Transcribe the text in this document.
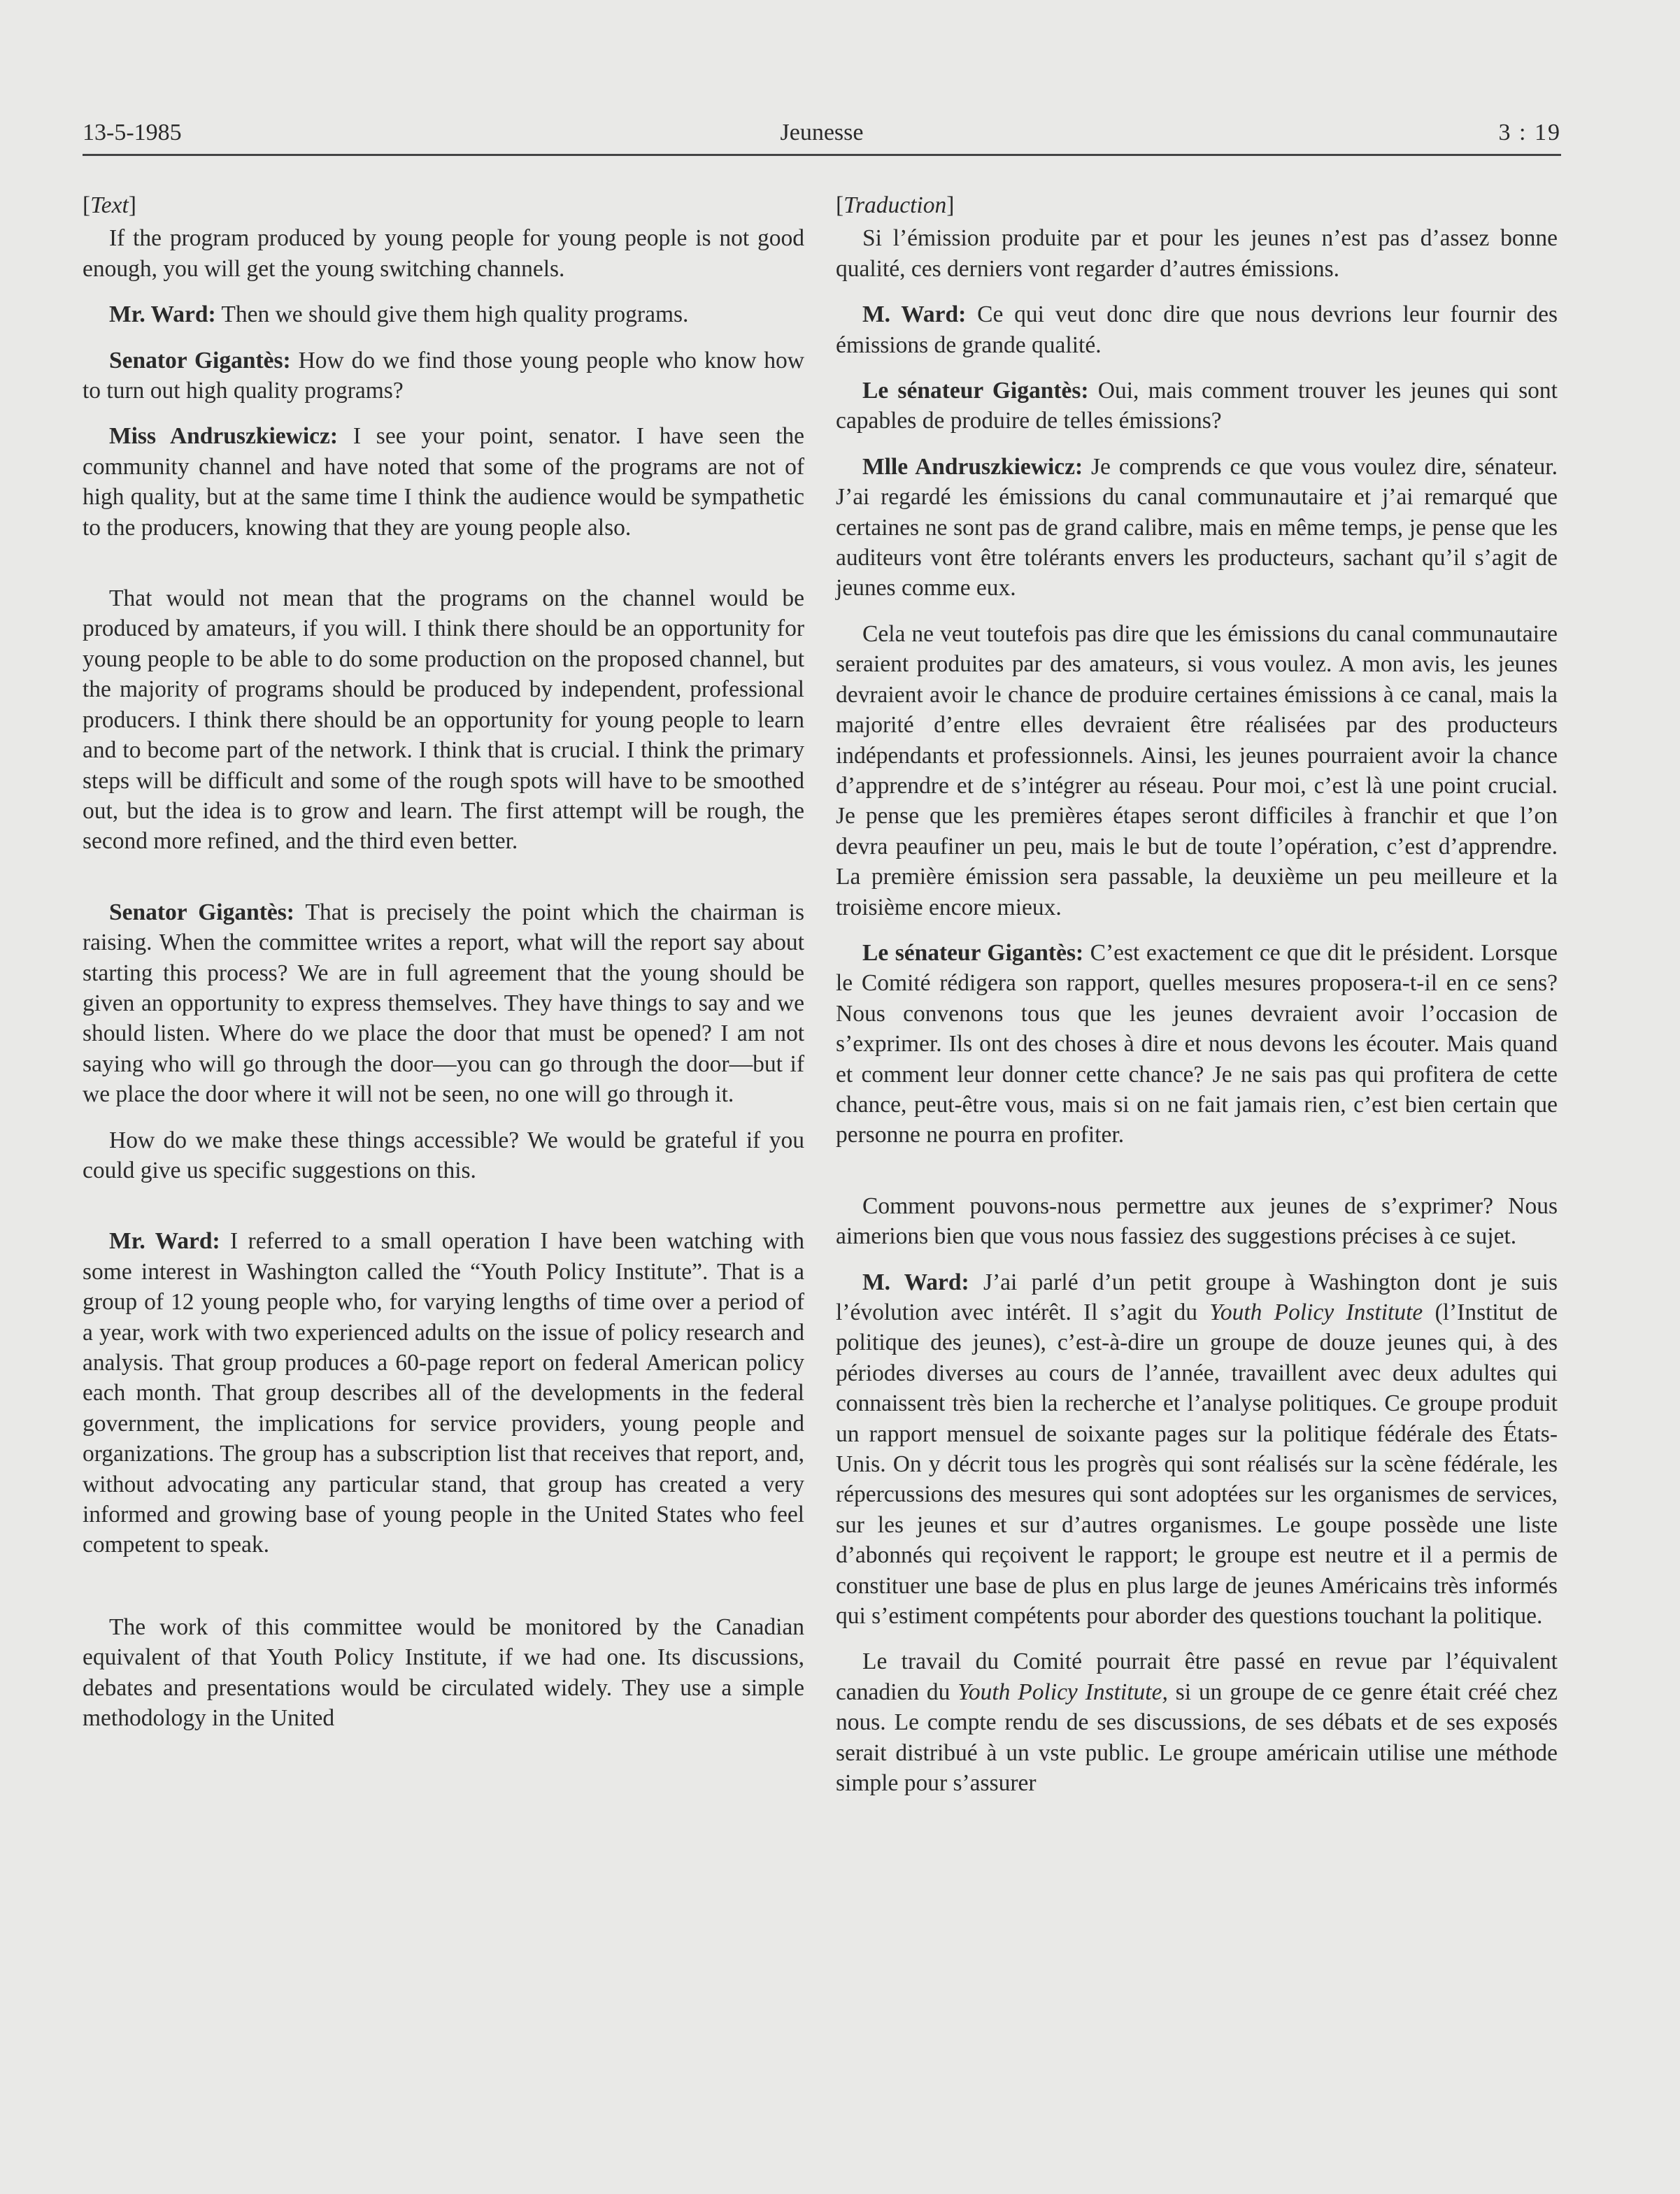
13-5-1985	Jeunesse	3 : 19
[Text]

If the program produced by young people for young people is not good enough, you will get the young switching channels.

Mr. Ward: Then we should give them high quality programs.

Senator Gigantès: How do we find those young people who know how to turn out high quality programs?

Miss Andruszkiewicz: I see your point, senator. I have seen the community channel and have noted that some of the programs are not of high quality, but at the same time I think the audience would be sympathetic to the producers, knowing that they are young people also.

That would not mean that the programs on the channel would be produced by amateurs, if you will. I think there should be an opportunity for young people to be able to do some production on the proposed channel, but the majority of programs should be produced by independent, professional producers. I think there should be an opportunity for young people to learn and to become part of the network. I think that is crucial. I think the primary steps will be difficult and some of the rough spots will have to be smoothed out, but the idea is to grow and learn. The first attempt will be rough, the second more refined, and the third even better.

Senator Gigantès: That is precisely the point which the chairman is raising. When the committee writes a report, what will the report say about starting this process? We are in full agreement that the young should be given an opportunity to express themselves. They have things to say and we should listen. Where do we place the door that must be opened? I am not saying who will go through the door—you can go through the door—but if we place the door where it will not be seen, no one will go through it.

How do we make these things accessible? We would be grateful if you could give us specific suggestions on this.

Mr. Ward: I referred to a small operation I have been watching with some interest in Washington called the “Youth Policy Institute”. That is a group of 12 young people who, for varying lengths of time over a period of a year, work with two experienced adults on the issue of policy research and analysis. That group produces a 60-page report on federal American policy each month. That group describes all of the developments in the federal government, the implications for service providers, young people and organizations. The group has a subscription list that receives that report, and, without advocating any particular stand, that group has created a very informed and growing base of young people in the United States who feel competent to speak.

The work of this committee would be monitored by the Canadian equivalent of that Youth Policy Institute, if we had one. Its discussions, debates and presentations would be circulated widely. They use a simple methodology in the United

[Traduction]

Si l’émission produite par et pour les jeunes n’est pas d’assez bonne qualité, ces derniers vont regarder d’autres émissions.

M. Ward: Ce qui veut donc dire que nous devrions leur fournir des émissions de grande qualité.

Le sénateur Gigantès: Oui, mais comment trouver les jeunes qui sont capables de produire de telles émissions?

Mlle Andruszkiewicz: Je comprends ce que vous voulez dire, sénateur. J’ai regardé les émissions du canal communautaire et j’ai remarqué que certaines ne sont pas de grand calibre, mais en même temps, je pense que les auditeurs vont être tolérants envers les producteurs, sachant qu’il s’agit de jeunes comme eux.

Cela ne veut toutefois pas dire que les émissions du canal communautaire seraient produites par des amateurs, si vous voulez. A mon avis, les jeunes devraient avoir le chance de produire certaines émissions à ce canal, mais la majorité d’entre elles devraient être réalisées par des producteurs indépendants et professionnels. Ainsi, les jeunes pourraient avoir la chance d’apprendre et de s’intégrer au réseau. Pour moi, c’est là une point crucial. Je pense que les premières étapes seront difficiles à franchir et que l’on devra peaufiner un peu, mais le but de toute l’opération, c’est d’apprendre. La première émission sera passable, la deuxième un peu meilleure et la troisième encore mieux.

Le sénateur Gigantès: C’est exactement ce que dit le président. Lorsque le Comité rédigera son rapport, quelles mesures proposera-t-il en ce sens? Nous convenons tous que les jeunes devraient avoir l’occasion de s’exprimer. Ils ont des choses à dire et nous devons les écouter. Mais quand et comment leur donner cette chance? Je ne sais pas qui profitera de cette chance, peut-être vous, mais si on ne fait jamais rien, c’est bien certain que personne ne pourra en profiter.

Comment pouvons-nous permettre aux jeunes de s’exprimer? Nous aimerions bien que vous nous fassiez des suggestions précises à ce sujet.

M. Ward: J’ai parlé d’un petit groupe à Washington dont je suis l’évolution avec intérêt. Il s’agit du Youth Policy Institute (l’Institut de politique des jeunes), c’est-à-dire un groupe de douze jeunes qui, à des périodes diverses au cours de l’année, travaillent avec deux adultes qui connaissent très bien la recherche et l’analyse politiques. Ce groupe produit un rapport mensuel de soixante pages sur la politique fédérale des États-Unis. On y décrit tous les progrès qui sont réalisés sur la scène fédérale, les répercussions des mesures qui sont adoptées sur les organismes de services, sur les jeunes et sur d’autres organismes. Le goupe possède une liste d’abonnés qui reçoivent le rapport; le groupe est neutre et il a permis de constituer une base de plus en plus large de jeunes Américains très informés qui s’estiment compétents pour aborder des questions touchant la politique.

Le travail du Comité pourrait être passé en revue par l’équivalent canadien du Youth Policy Institute, si un groupe de ce genre était créé chez nous. Le compte rendu de ses discussions, de ses débats et de ses exposés serait distribué à un vste public. Le groupe américain utilise une méthode simple pour s’assurer
